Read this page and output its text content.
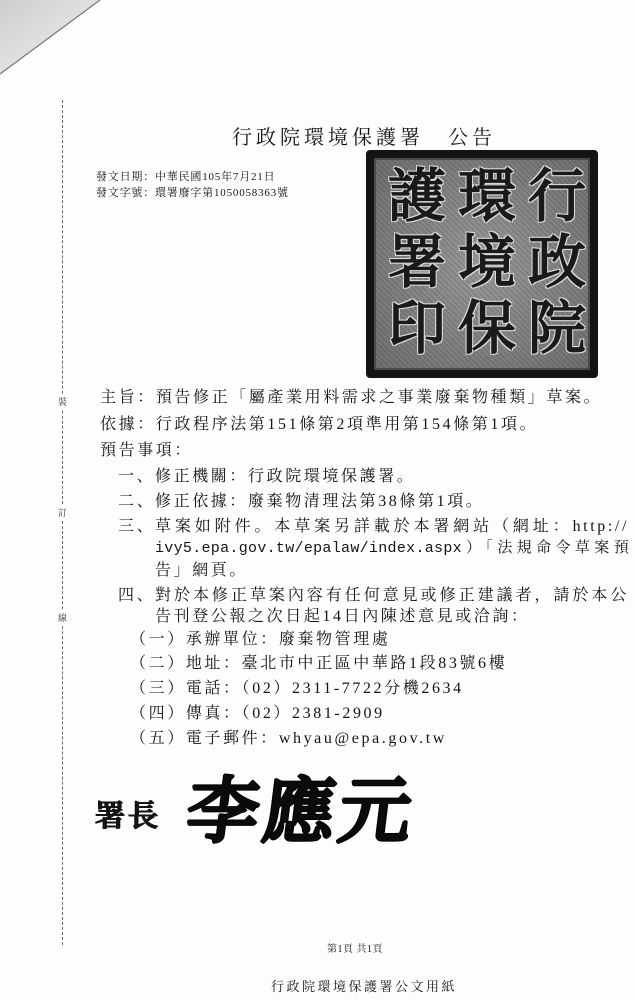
裝
訂
線
行政院環境保護署　公告
發文日期：中華民國105年7月21日
發文字號：環署廢字第1050058363號	行政院環境保護署印
主旨：預告修正「屬產業用料需求之事業廢棄物種類」草案。
依據：行政程序法第151條第2項準用第154條第1項。
預告事項：
一、 修正機關：行政院環境保護署。
二、 修正依據：廢棄物清理法第38條第1項。
三、 草案如附件。本草案另詳載於本署網站（網址：http://
ivy5.epa.gov.tw/epalaw/index.aspx）「法規命令草案預
告」網頁。
四、 對於本修正草案內容有任何意見或修正建議者，請於本公
告刊登公報之次日起14日內陳述意見或洽詢：
（一）承辦單位：廢棄物管理處
（二）地址：臺北市中正區中華路1段83號6樓
（三）電話：（02）2311-7722分機2634
（四）傳真：（02）2381-2909
（五）電子郵件：whyau@epa.gov.tw
署長 李應元
第1頁 共1頁
行政院環境保護署公文用紙
